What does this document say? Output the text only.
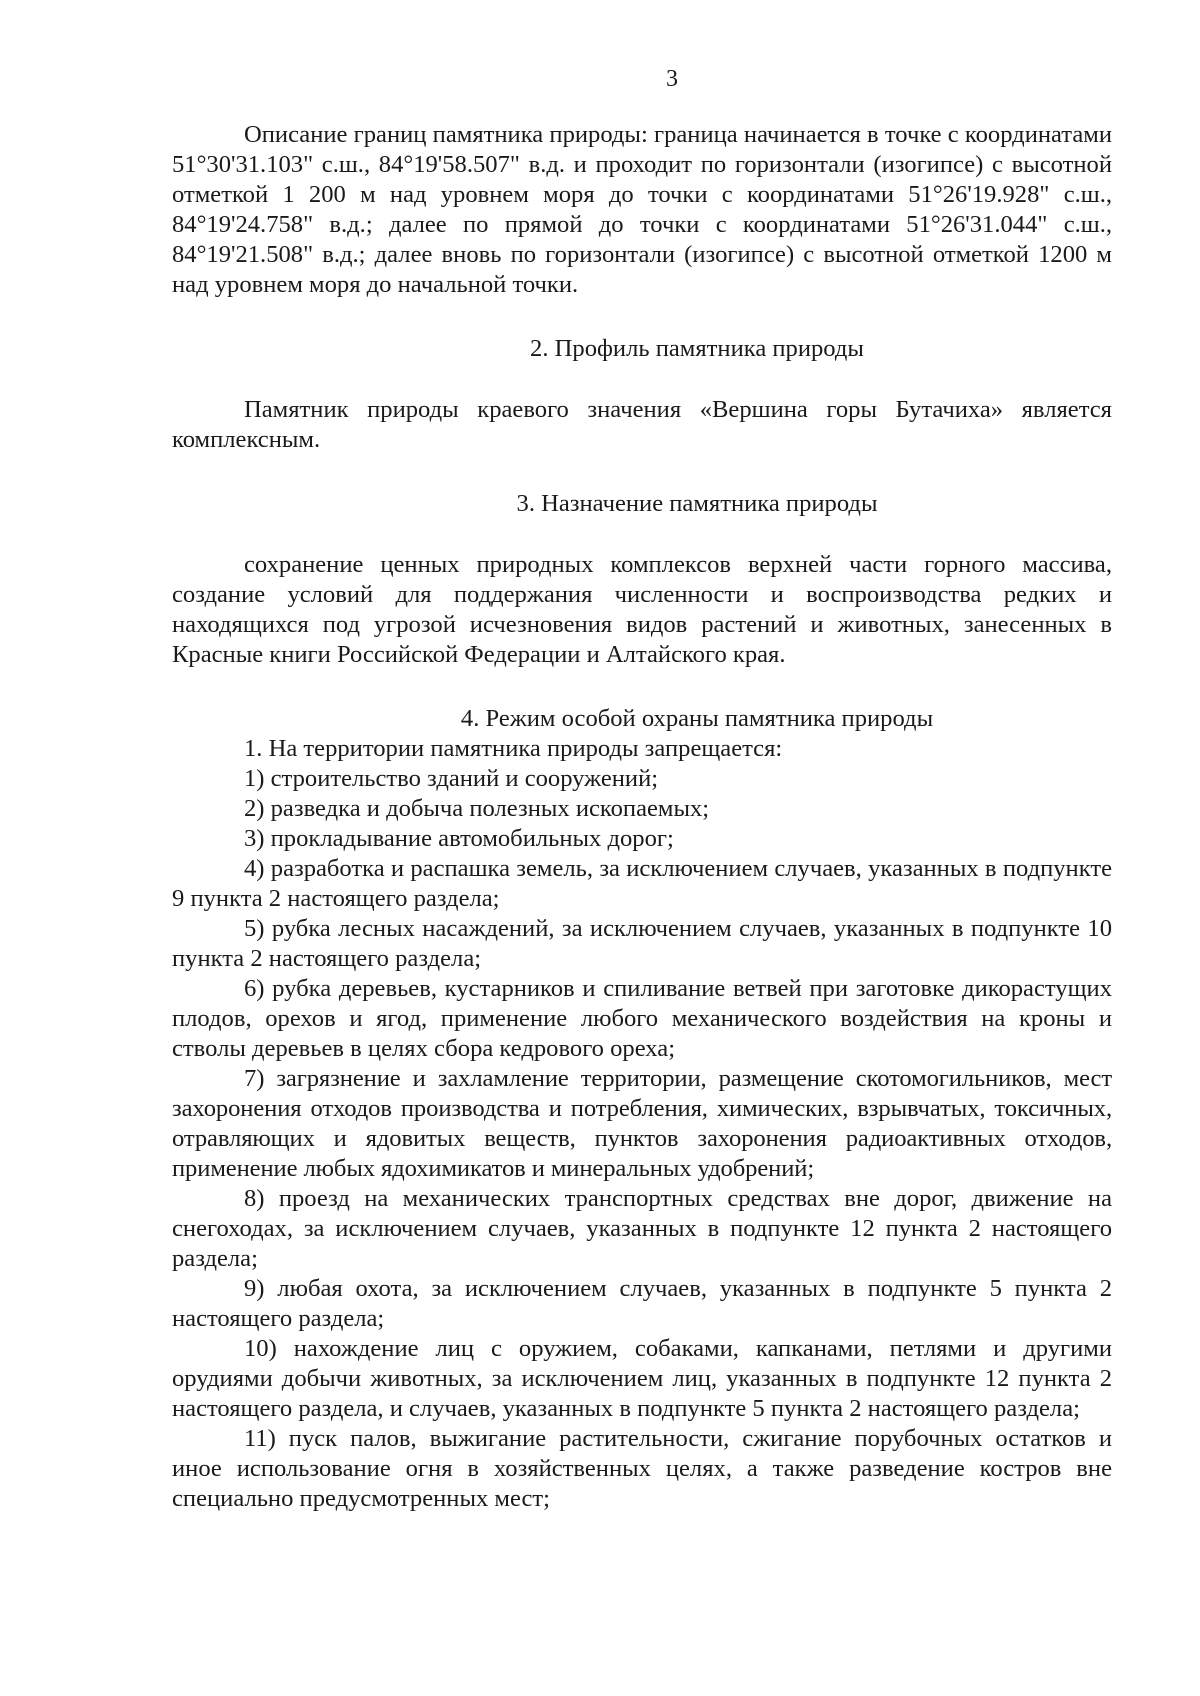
3

Описание границ памятника природы: граница начинается в точке с координатами 51°30'31.103" с.ш., 84°19'58.507" в.д. и проходит по горизонтали (изогипсе) с высотной отметкой 1 200 м над уровнем моря до точки с координатами 51°26'19.928" с.ш., 84°19'24.758" в.д.; далее по прямой до точки с координатами 51°26'31.044" с.ш., 84°19'21.508" в.д.; далее вновь по горизонтали (изогипсе) с высотной отметкой 1200 м над уровнем моря до начальной точки.

2. Профиль памятника природы

Памятник природы краевого значения «Вершина горы Бутачиха» является комплексным.

3. Назначение памятника природы

сохранение ценных природных комплексов верхней части горного массива, создание условий для поддержания численности и воспроизводства редких и находящихся под угрозой исчезновения видов растений и животных, занесенных в Красные книги Российской Федерации и Алтайского края.

4. Режим особой охраны памятника природы

1. На территории памятника природы запрещается:

1) строительство зданий и сооружений;

2) разведка и добыча полезных ископаемых;

3) прокладывание автомобильных дорог;

4) разработка и распашка земель, за исключением случаев, указанных в подпункте 9 пункта 2 настоящего раздела;

5) рубка лесных насаждений, за исключением случаев, указанных в подпункте 10 пункта 2 настоящего раздела;

6) рубка деревьев, кустарников и спиливание ветвей при заготовке дикорастущих плодов, орехов и ягод, применение любого механического воздействия на кроны и стволы деревьев в целях сбора кедрового ореха;

7) загрязнение и захламление территории, размещение скотомогильников, мест захоронения отходов производства и потребления, химических, взрывчатых, токсичных, отравляющих и ядовитых веществ, пунктов захоронения радиоактивных отходов, применение любых ядохимикатов и минеральных удобрений;

8) проезд на механических транспортных средствах вне дорог, движение на снегоходах, за исключением случаев, указанных в подпункте 12 пункта 2 настоящего раздела;

9) любая охота, за исключением случаев, указанных в подпункте 5 пункта 2 настоящего раздела;

10) нахождение лиц с оружием, собаками, капканами, петлями и другими орудиями добычи животных, за исключением лиц, указанных в подпункте 12 пункта 2 настоящего раздела, и случаев, указанных в подпункте 5 пункта 2 настоящего раздела;

11) пуск палов, выжигание растительности, сжигание порубочных остатков и иное использование огня в хозяйственных целях, а также разведение костров вне специально предусмотренных мест;
